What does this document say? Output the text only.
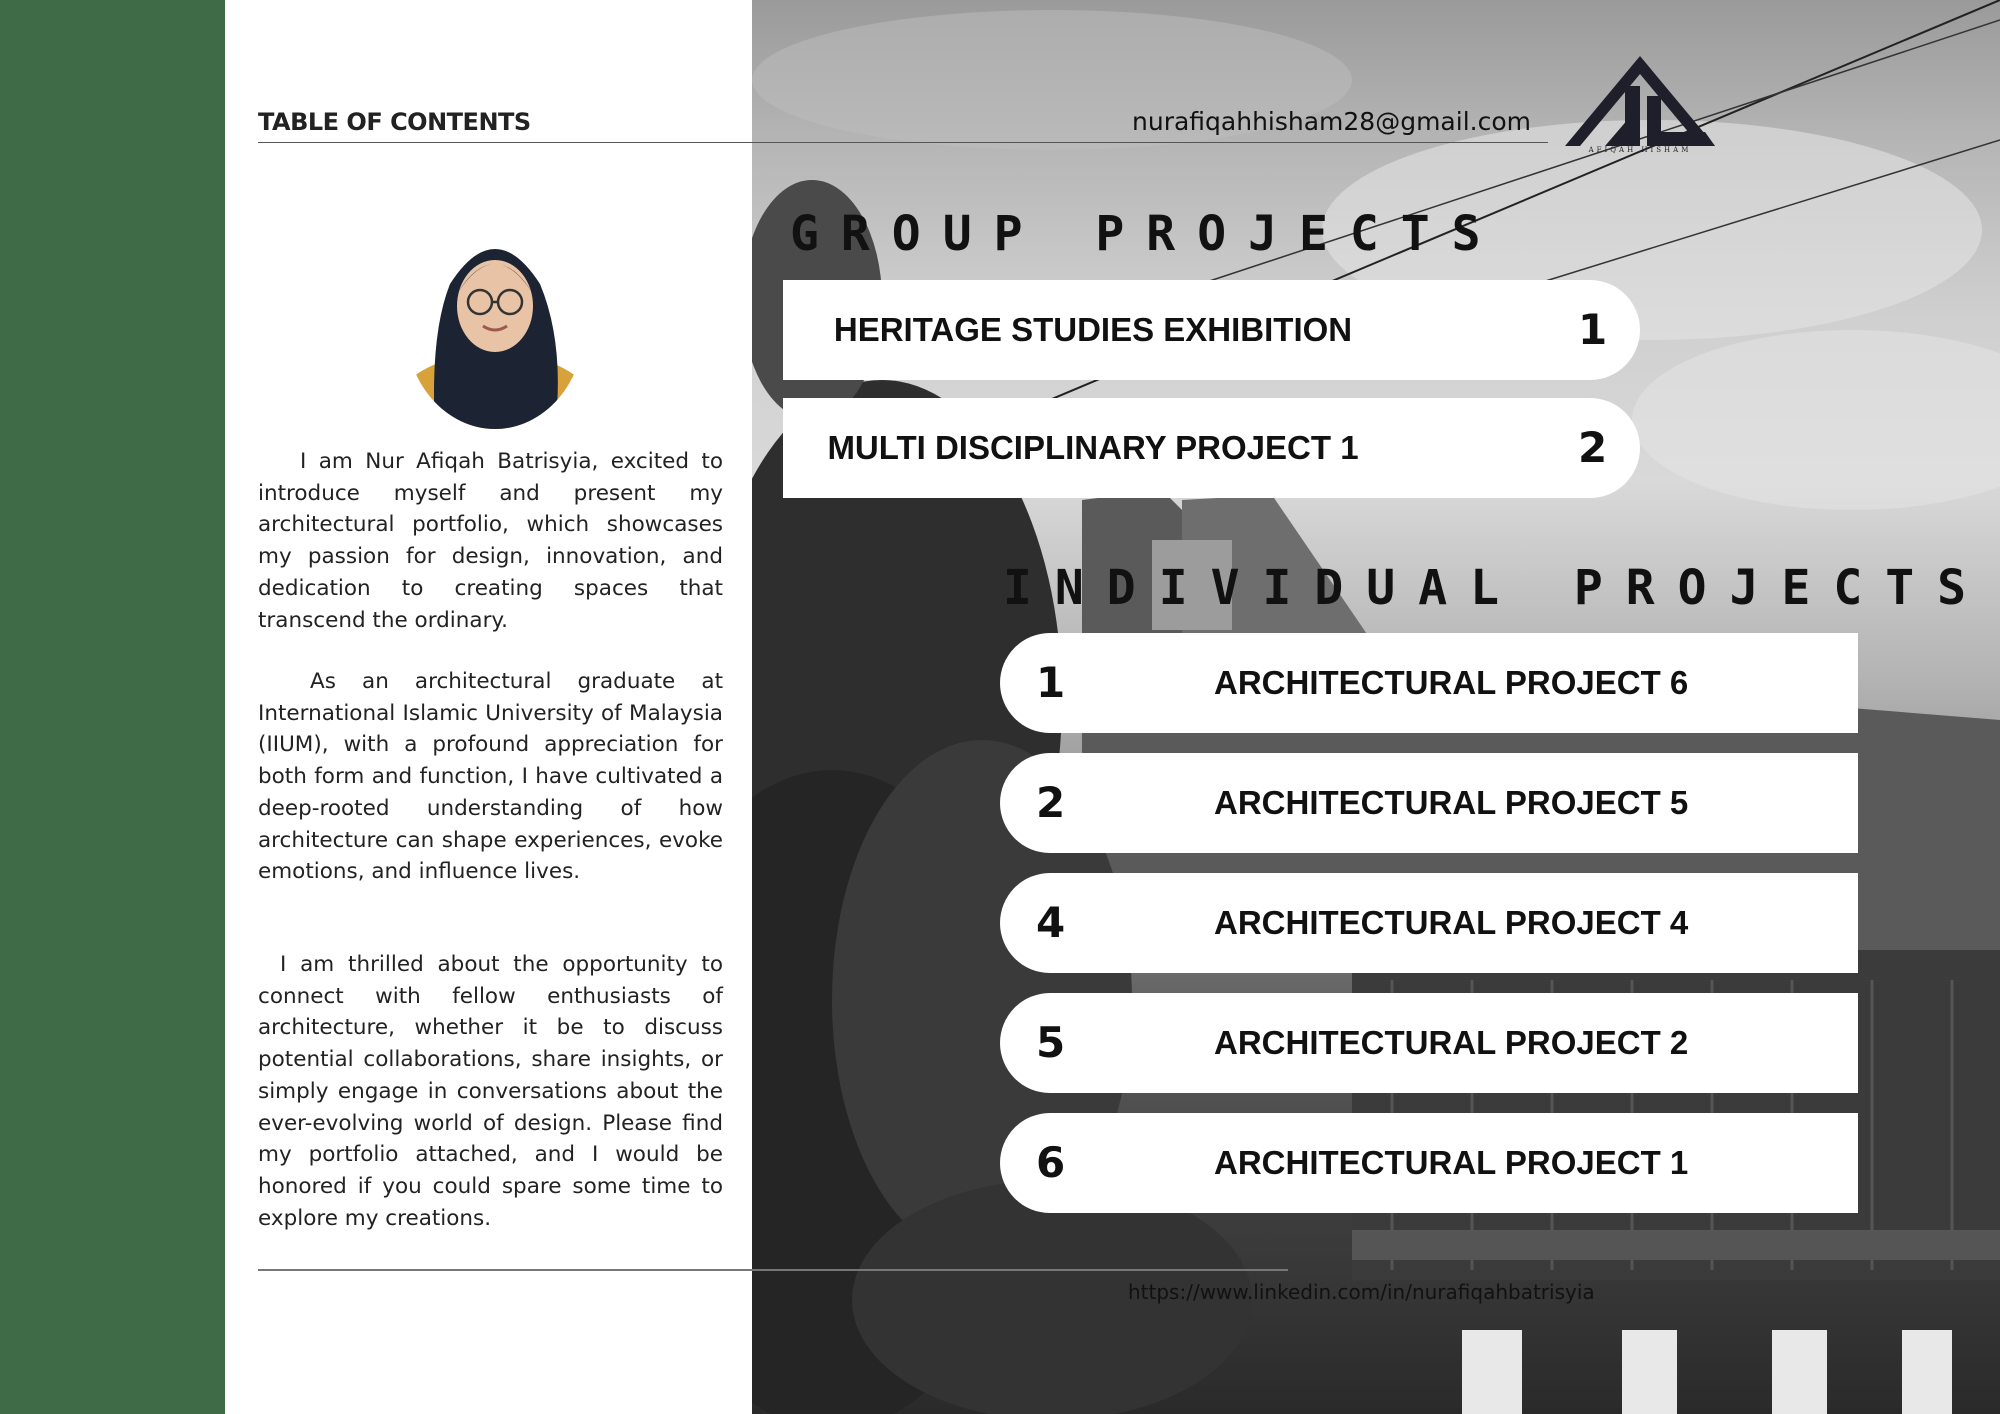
TABLE OF CONTENTS	nurafiqahhisham28@gmail.com
AFIQAH HISHAM

I am Nur Afiqah Batrisyia, excited to introduce myself and present my architectural portfolio, which showcases my passion for design, innovation, and dedication to creating spaces that transcend the ordinary.

As an architectural graduate at International Islamic University of Malaysia (IIUM), with a profound appreciation for both form and function, I have cultivated a deep-rooted understanding of how architecture can shape experiences, evoke emotions, and influence lives.

I am thrilled about the opportunity to connect with fellow enthusiasts of architecture, whether it be to discuss potential collaborations, share insights, or simply engage in conversations about the ever-evolving world of design. Please find my portfolio attached, and I would be honored if you could spare some time to explore my creations.

GROUP PROJECTS
HERITAGE STUDIES EXHIBITION	1
MULTI DISCIPLINARY PROJECT 1	2
INDIVIDUAL PROJECTS
1	ARCHITECTURAL PROJECT 6
2	ARCHITECTURAL PROJECT 5
4	ARCHITECTURAL PROJECT 4
5	ARCHITECTURAL PROJECT 2
6	ARCHITECTURAL PROJECT 1
https://www.linkedin.com/in/nurafiqahbatrisyia
